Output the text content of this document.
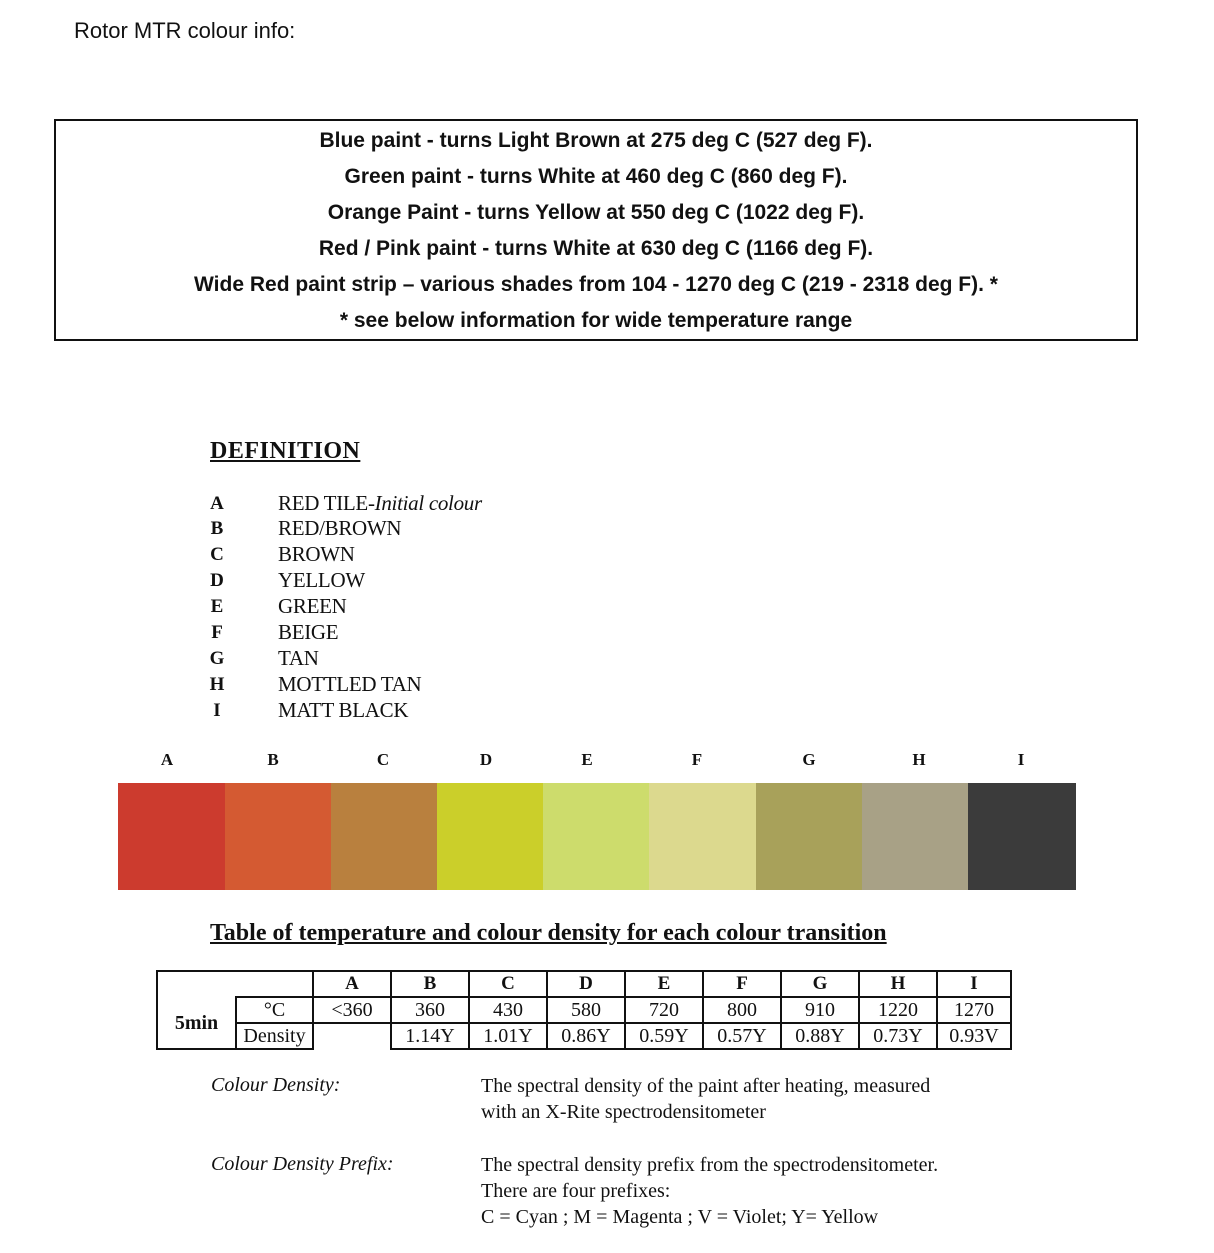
Rotor MTR colour info:
Blue paint - turns Light Brown at 275 deg C (527 deg F).
Green paint - turns White at 460 deg C (860 deg F).
Orange Paint - turns Yellow at 550 deg C (1022 deg F).
Red / Pink paint - turns White at 630 deg C (1166 deg F).
Wide Red paint strip – various shades from 104 - 1270 deg C (219 - 2318 deg F). *
* see below information for wide temperature range
DEFINITION
A	RED TILE-Initial colour
B	RED/BROWN
C	BROWN
D	YELLOW
E	GREEN
F	BEIGE
G	TAN
H	MOTTLED TAN
I	MATT BLACK
A	B	C	D	E	F	G	H	I
Table of temperature and colour density for each colour transition
		A	B	C	D	E	F	G	H	I
5min	°C	<360	360	430	580	720	800	910	1220	1270
	Density		1.14Y	1.01Y	0.86Y	0.59Y	0.57Y	0.88Y	0.73Y	0.93V
Colour Density:	The spectral density of the paint after heating, measured
with an X-Rite spectrodensitometer
Colour Density Prefix:	The spectral density prefix from the spectrodensitometer.
There are four prefixes:
C = Cyan ; M = Magenta ; V = Violet; Y= Yellow
